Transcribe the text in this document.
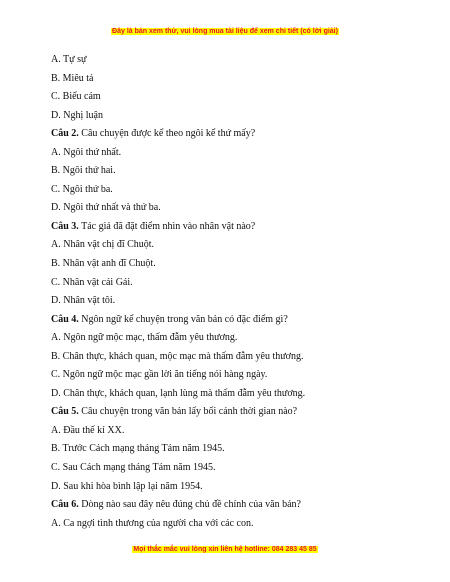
Đây là bản xem thử, vui lòng mua tài liệu để xem chi tiết (có lời giải)
A. Tự sự
B. Miêu tả
C. Biểu cảm
D. Nghị luận
Câu 2. Câu chuyện được kể theo ngôi kể thứ mấy?
A. Ngôi thứ nhất.
B. Ngôi thứ hai.
C. Ngôi thứ ba.
D. Ngôi thứ nhất và thứ ba.
Câu 3. Tác giả đã đặt điểm nhìn vào nhân vật nào?
A. Nhân vật chị đĩ Chuột.
B. Nhân vật anh đĩ Chuột.
C. Nhân vật cái Gái.
D. Nhân vật tôi.
Câu 4. Ngôn ngữ kể chuyện trong văn bản có đặc điểm gì?
A. Ngôn ngữ mộc mạc, thấm đẫm yêu thương.
B. Chân thực, khách quan, mộc mạc mà thấm đẫm yêu thương.
C. Ngôn ngữ mộc mạc gần lời ăn tiếng nói hàng ngày.
D. Chân thực, khách quan, lạnh lùng mà thấm đẫm yêu thương.
Câu 5. Câu chuyện trong văn bản lấy bối cảnh thời gian nào?
A. Đầu thế kỉ XX.
B. Trước Cách mạng tháng Tám năm 1945.
C. Sau Cách mạng tháng Tám năm 1945.
D. Sau khi hòa bình lập lại năm 1954.
Câu 6. Dòng nào sau đây nêu đúng chủ đề chính của văn bản?
A. Ca ngợi tình thương của người cha với các con.
Mọi thắc mắc vui lòng xin liên hệ hotline: 084 283 45 85
